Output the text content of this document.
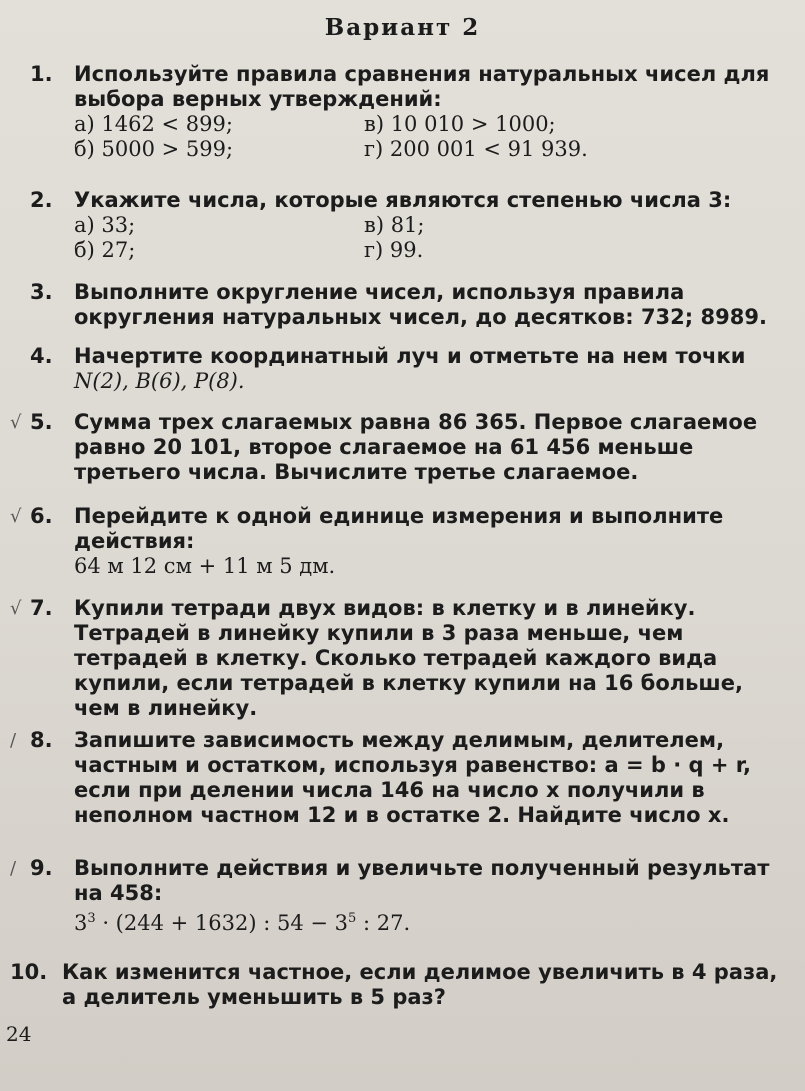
Вариант 2
1. Используйте правила сравнения натуральных чисел для выбора верных утверждений:
а) 1462 < 899;	в) 10 010 > 1000;
б) 5000 > 599;	г) 200 001 < 91 939.
2. Укажите числа, которые являются степенью числа 3:
а) 33;	в) 81;
б) 27;	г) 99.
3. Выполните округление чисел, используя правила округления натуральных чисел, до десятков: 732; 8989.
4. Начертите координатный луч и отметьте на нем точки
N(2), B(6), P(8).
√ 5. Сумма трех слагаемых равна 86 365. Первое слагаемое равно 20 101, второе слагаемое на 61 456 меньше третьего числа. Вычислите третье слагаемое.
√ 6. Перейдите к одной единице измерения и выполните действия:
64 м 12 см + 11 м 5 дм.
√ 7. Купили тетради двух видов: в клетку и в линейку. Тетрадей в линейку купили в 3 раза меньше, чем тетрадей в клетку. Сколько тетрадей каждого вида купили, если тетрадей в клетку купили на 16 больше, чем в линейку.
/ 8. Запишите зависимость между делимым, делителем, частным и остатком, используя равенство: a = b · q + r, если при делении числа 146 на число x получили в неполном частном 12 и в остатке 2. Найдите число x.
/ 9. Выполните действия и увеличьте полученный результат на 458:
$3^3 \cdot (244 + 1632)$ : $54 - 3^5$ : 27.
10. Как изменится частное, если делимое увеличить в 4 раза, а делитель уменьшить в 5 раз?
24
